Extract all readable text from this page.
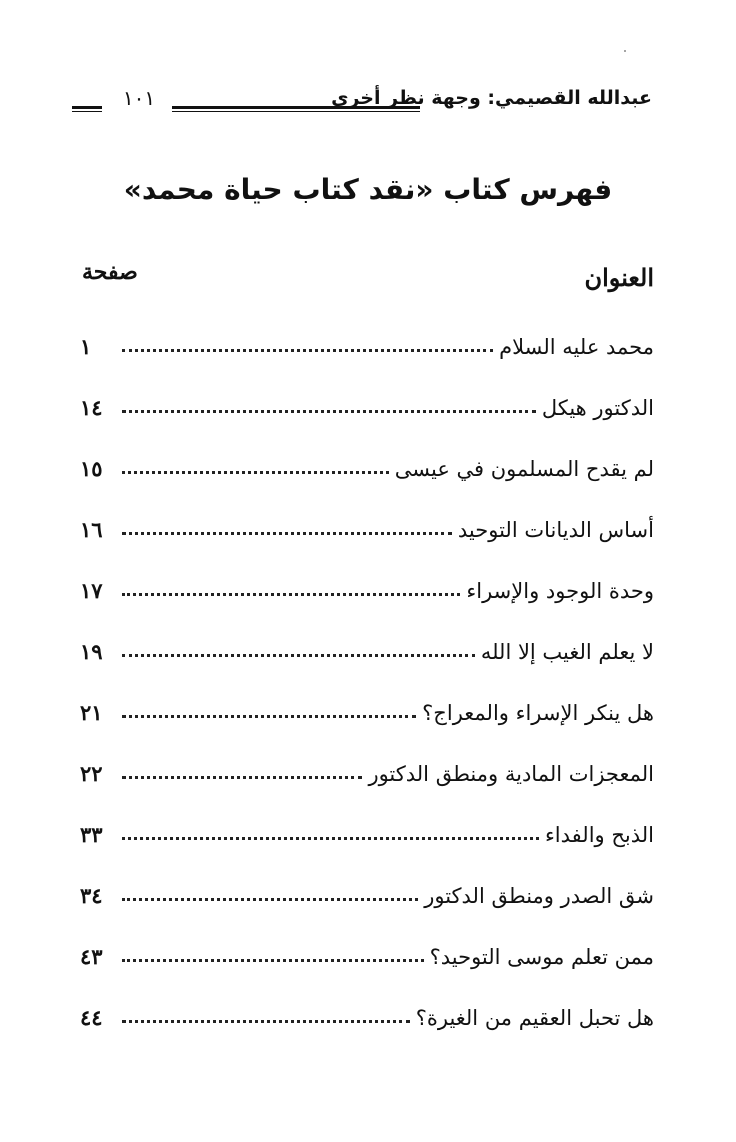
١٠١	عبدالله القصيمي: وجهة نظر أخرى
فهرس كتاب «نقد كتاب حياة محمد»
العنوان
صفحة
محمد عليه السلام
١
الدكتور هيكل
١٤
لم يقدح المسلمون في عيسى
١٥
أساس الديانات التوحيد
١٦
وحدة الوجود والإسراء
١٧
لا يعلم الغيب إلا الله
١٩
هل ينكر الإسراء والمعراج؟
٢١
المعجزات المادية ومنطق الدكتور
٢٢
الذبح والفداء
٣٣
شق الصدر ومنطق الدكتور
٣٤
ممن تعلم موسى التوحيد؟
٤٣
هل تحبل العقيم من الغيرة؟
٤٤
